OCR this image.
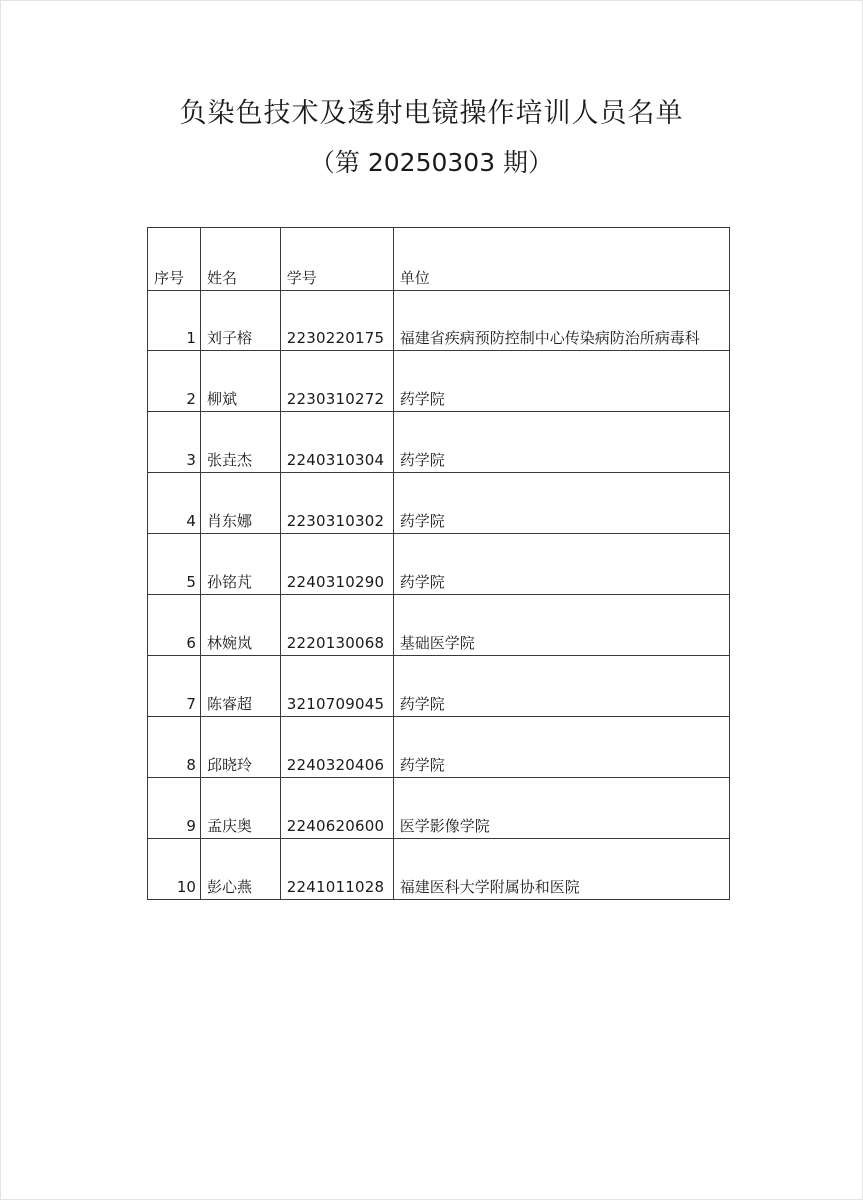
负染色技术及透射电镜操作培训人员名单
（第 20250303 期）
序号	姓名	学号	单位
1	刘子榕	2230220175	福建省疾病预防控制中心传染病防治所病毒科
2	柳斌	2230310272	药学院
3	张垚杰	2240310304	药学院
4	肖东娜	2230310302	药学院
5	孙铭芃	2240310290	药学院
6	林婉岚	2220130068	基础医学院
7	陈睿超	3210709045	药学院
8	邱晓玲	2240320406	药学院
9	孟庆奥	2240620600	医学影像学院
10	彭心燕	2241011028	福建医科大学附属协和医院
